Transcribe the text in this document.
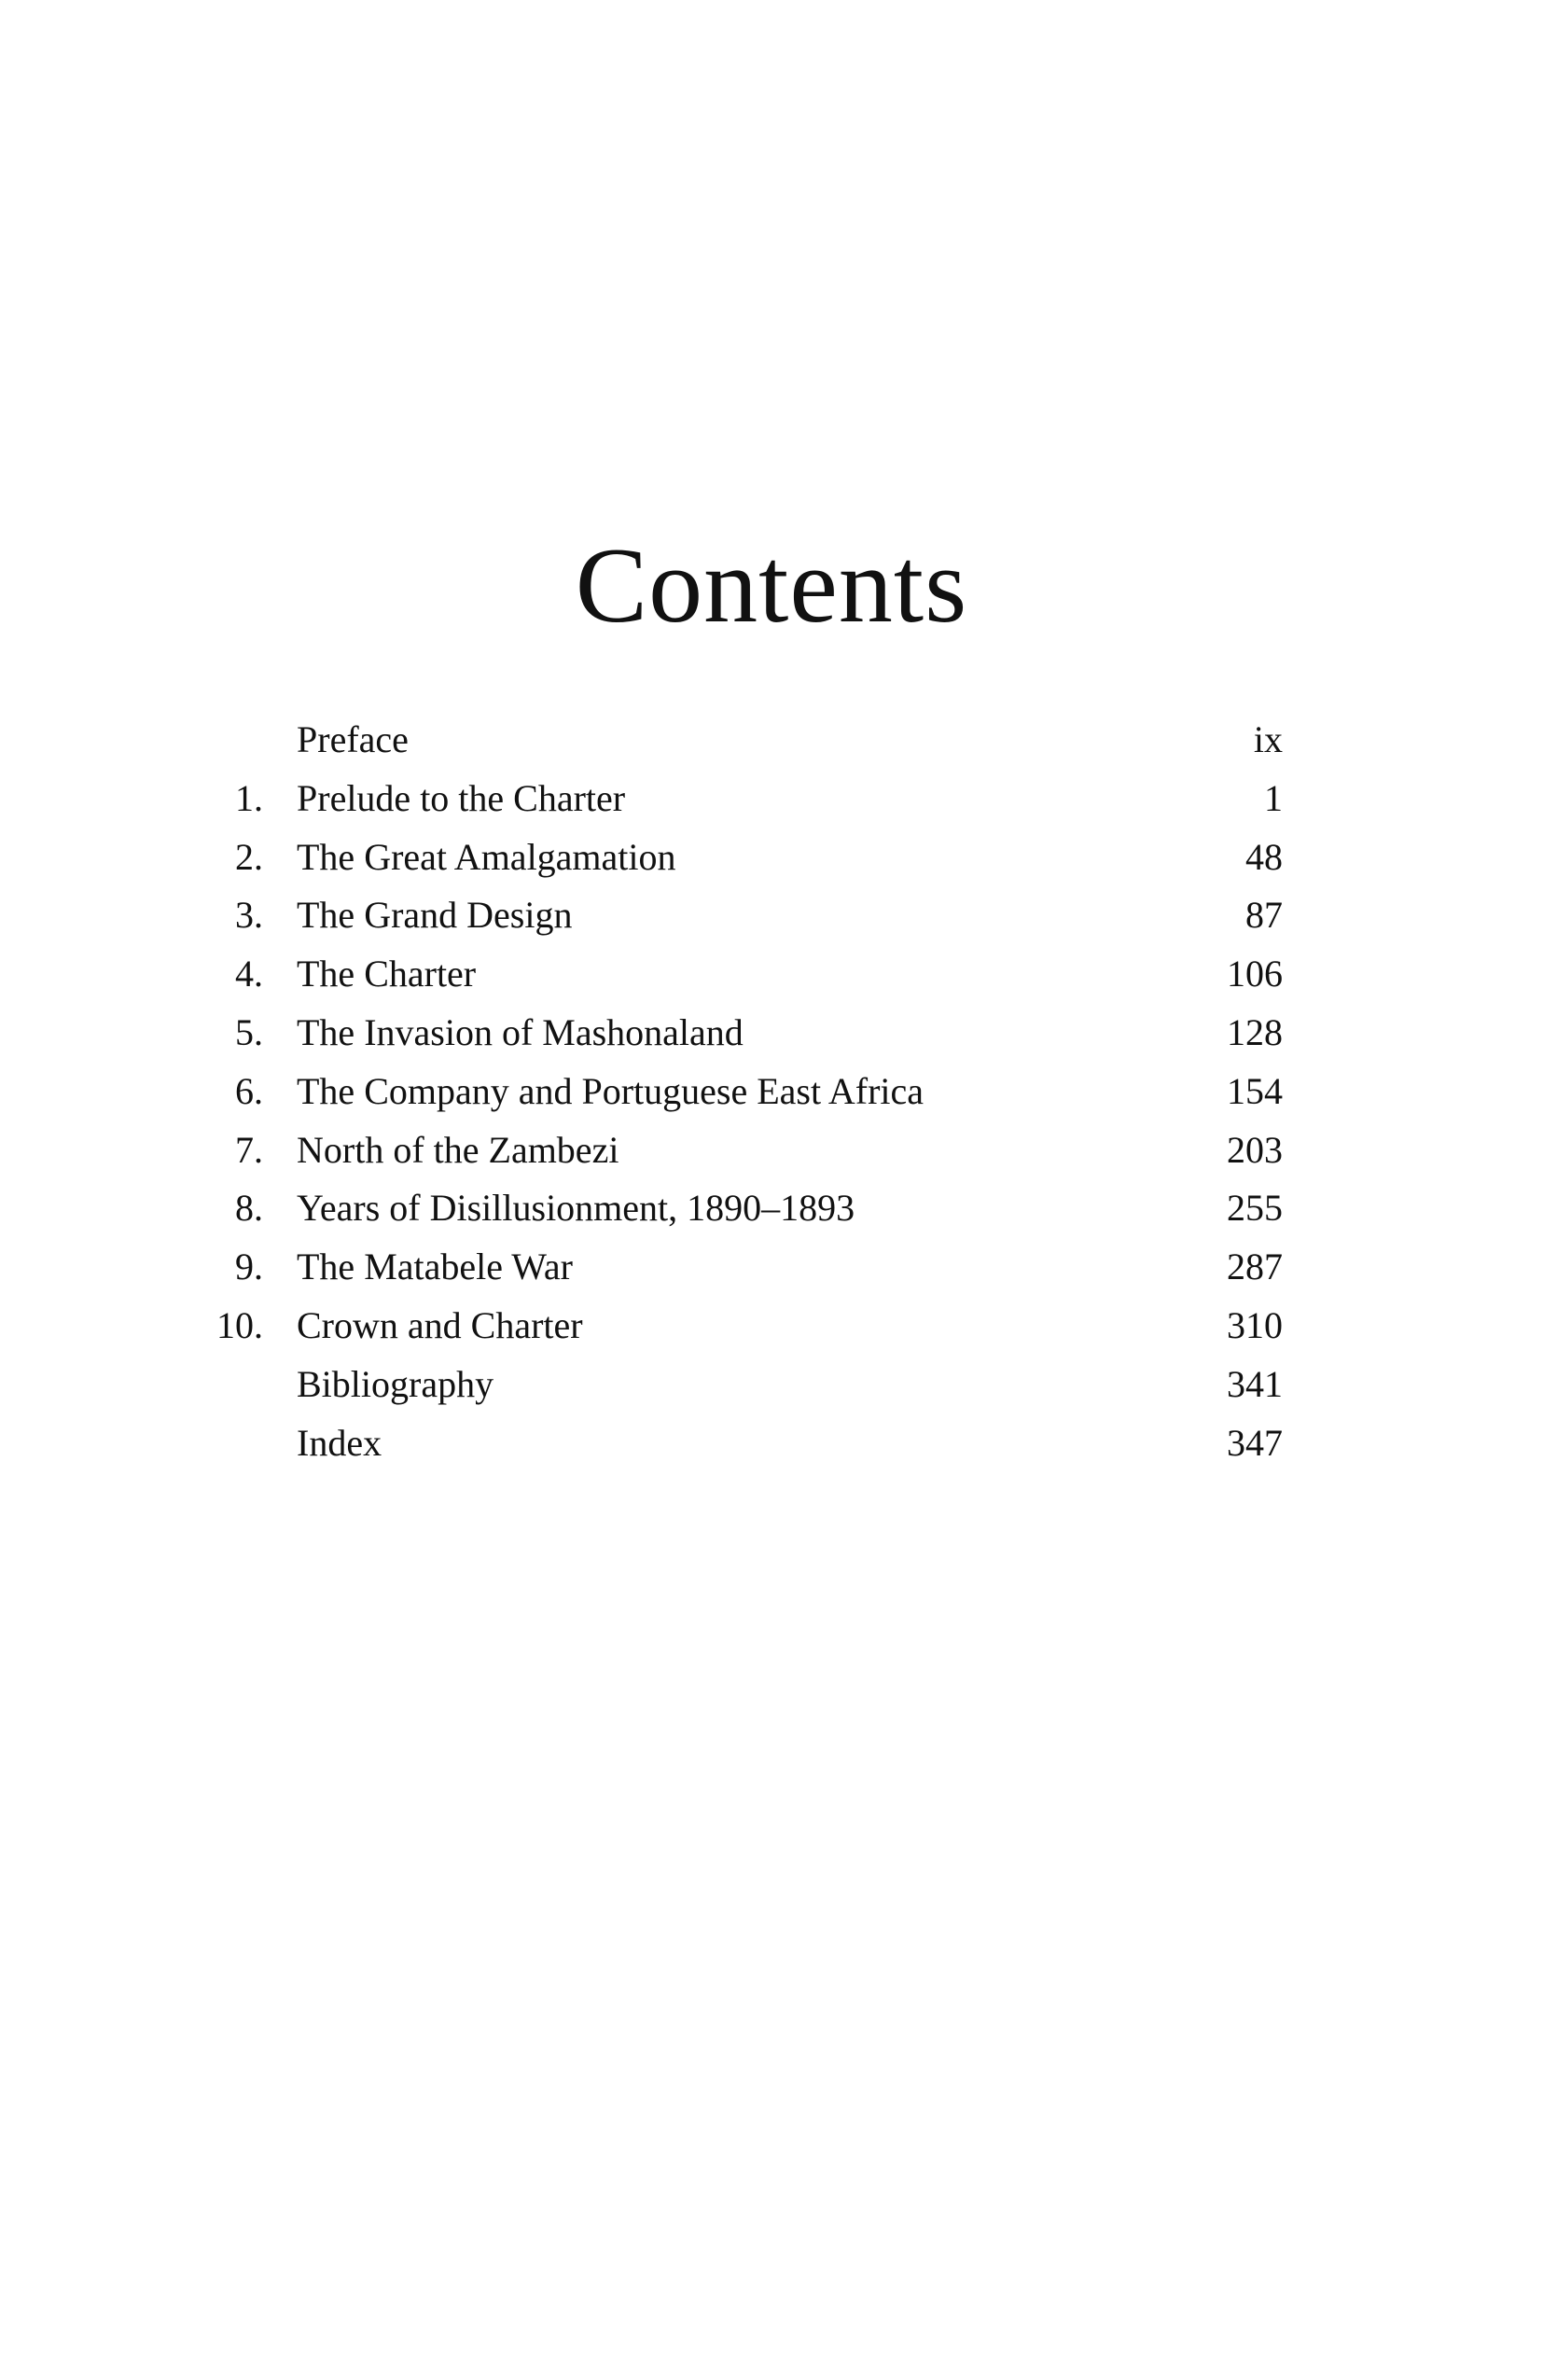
Contents
Preface	ix
1. Prelude to the Charter	1
2. The Great Amalgamation	48
3. The Grand Design	87
4. The Charter	106
5. The Invasion of Mashonaland	128
6. The Company and Portuguese East Africa	154
7. North of the Zambezi	203
8. Years of Disillusionment, 1890–1893	255
9. The Matabele War	287
10. Crown and Charter	310
Bibliography	341
Index	347
